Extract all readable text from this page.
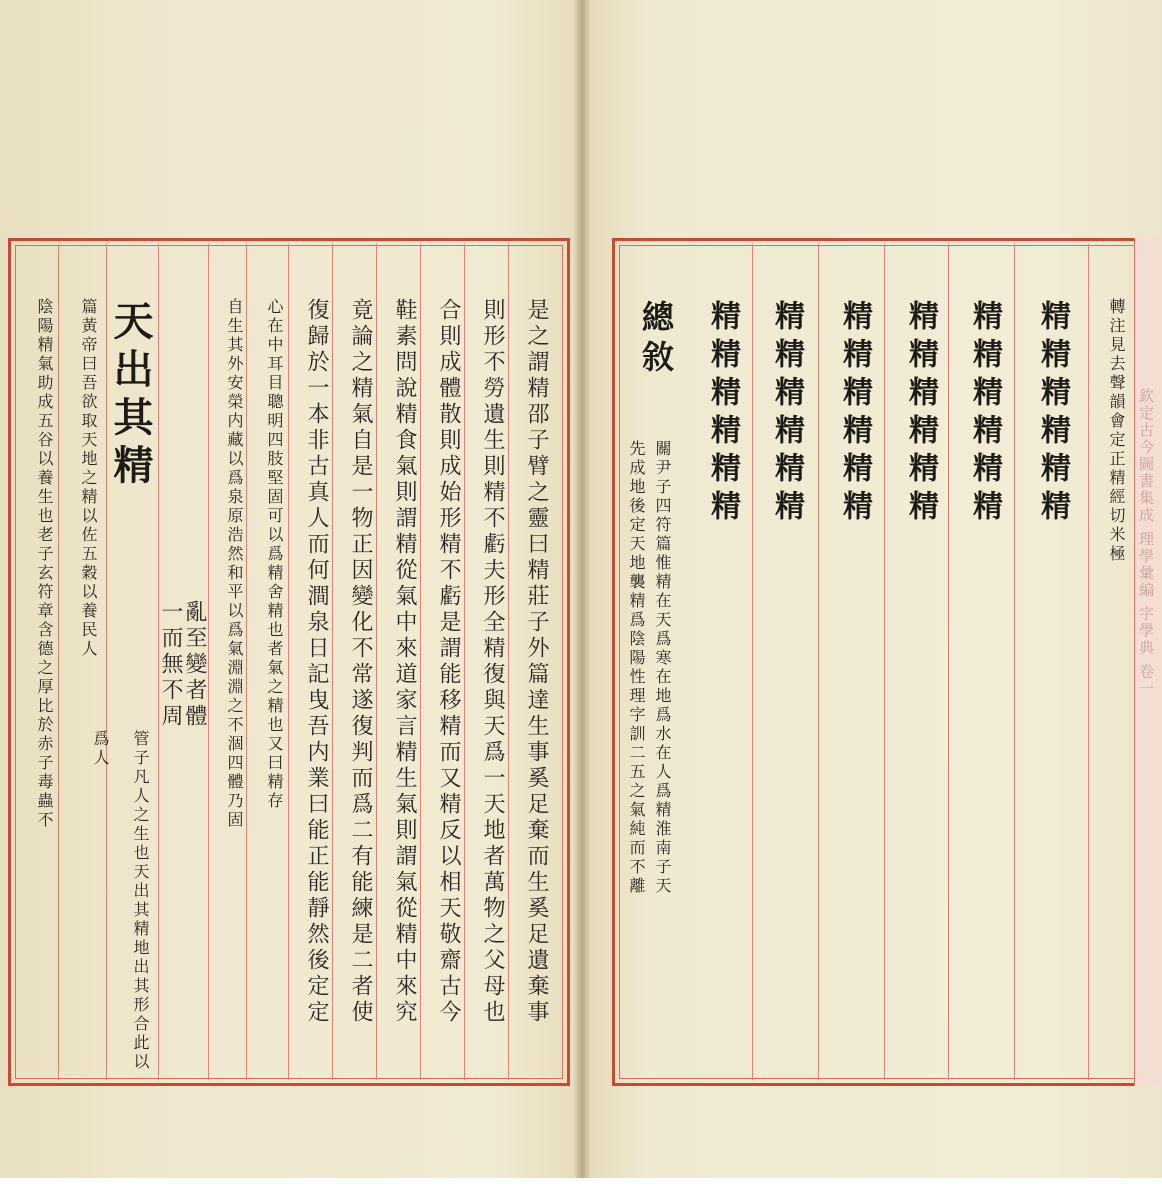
是之謂精邵子臂之靈曰精莊子外篇達生事奚足棄而生奚足遺棄事
則形不勞遺生則精不虧夫形全精復與天爲一天地者萬物之父母也
合則成體散則成始形精不虧是謂能移精而又精反以相天敬齋古今
鞋素問說精食氣則謂精從氣中來道家言精生氣則謂氣從精中來究
竟論之精氣自是一物正因變化不常遂復判而爲二有能練是二者使
復歸於一本非古真人而何澗泉日記曳吾内業曰能正能靜然後定定
心在中耳目聰明四肢堅固可以爲精舍精也者氣之精也又曰精存
自生其外安榮内藏以爲泉原浩然和平以爲氣淵淵之不涸四體乃固
亂至變者體
一而無不周
天出其精
管子凡人之生也天出其精地出其形合此以爲人
篇黃帝曰吾欲取天地之精以佐五穀以養民人
陰陽精氣助成五谷以養生也老子玄符章含德之厚比於赤子毒蟲不	轉注見去聲韻會定正精經切米極
精精精精精精
精精精精精精
精精精精精精
精精精精精精
精精精精精精
精精精精精精
總敘
關尹子四符篇惟精在天爲寒在地爲水在人爲精淮南子天
先成地後定天地襲精爲陰陽性理字訓二五之氣純而不離	欽定古今圖書集成 理學彙編 字學典 卷一
